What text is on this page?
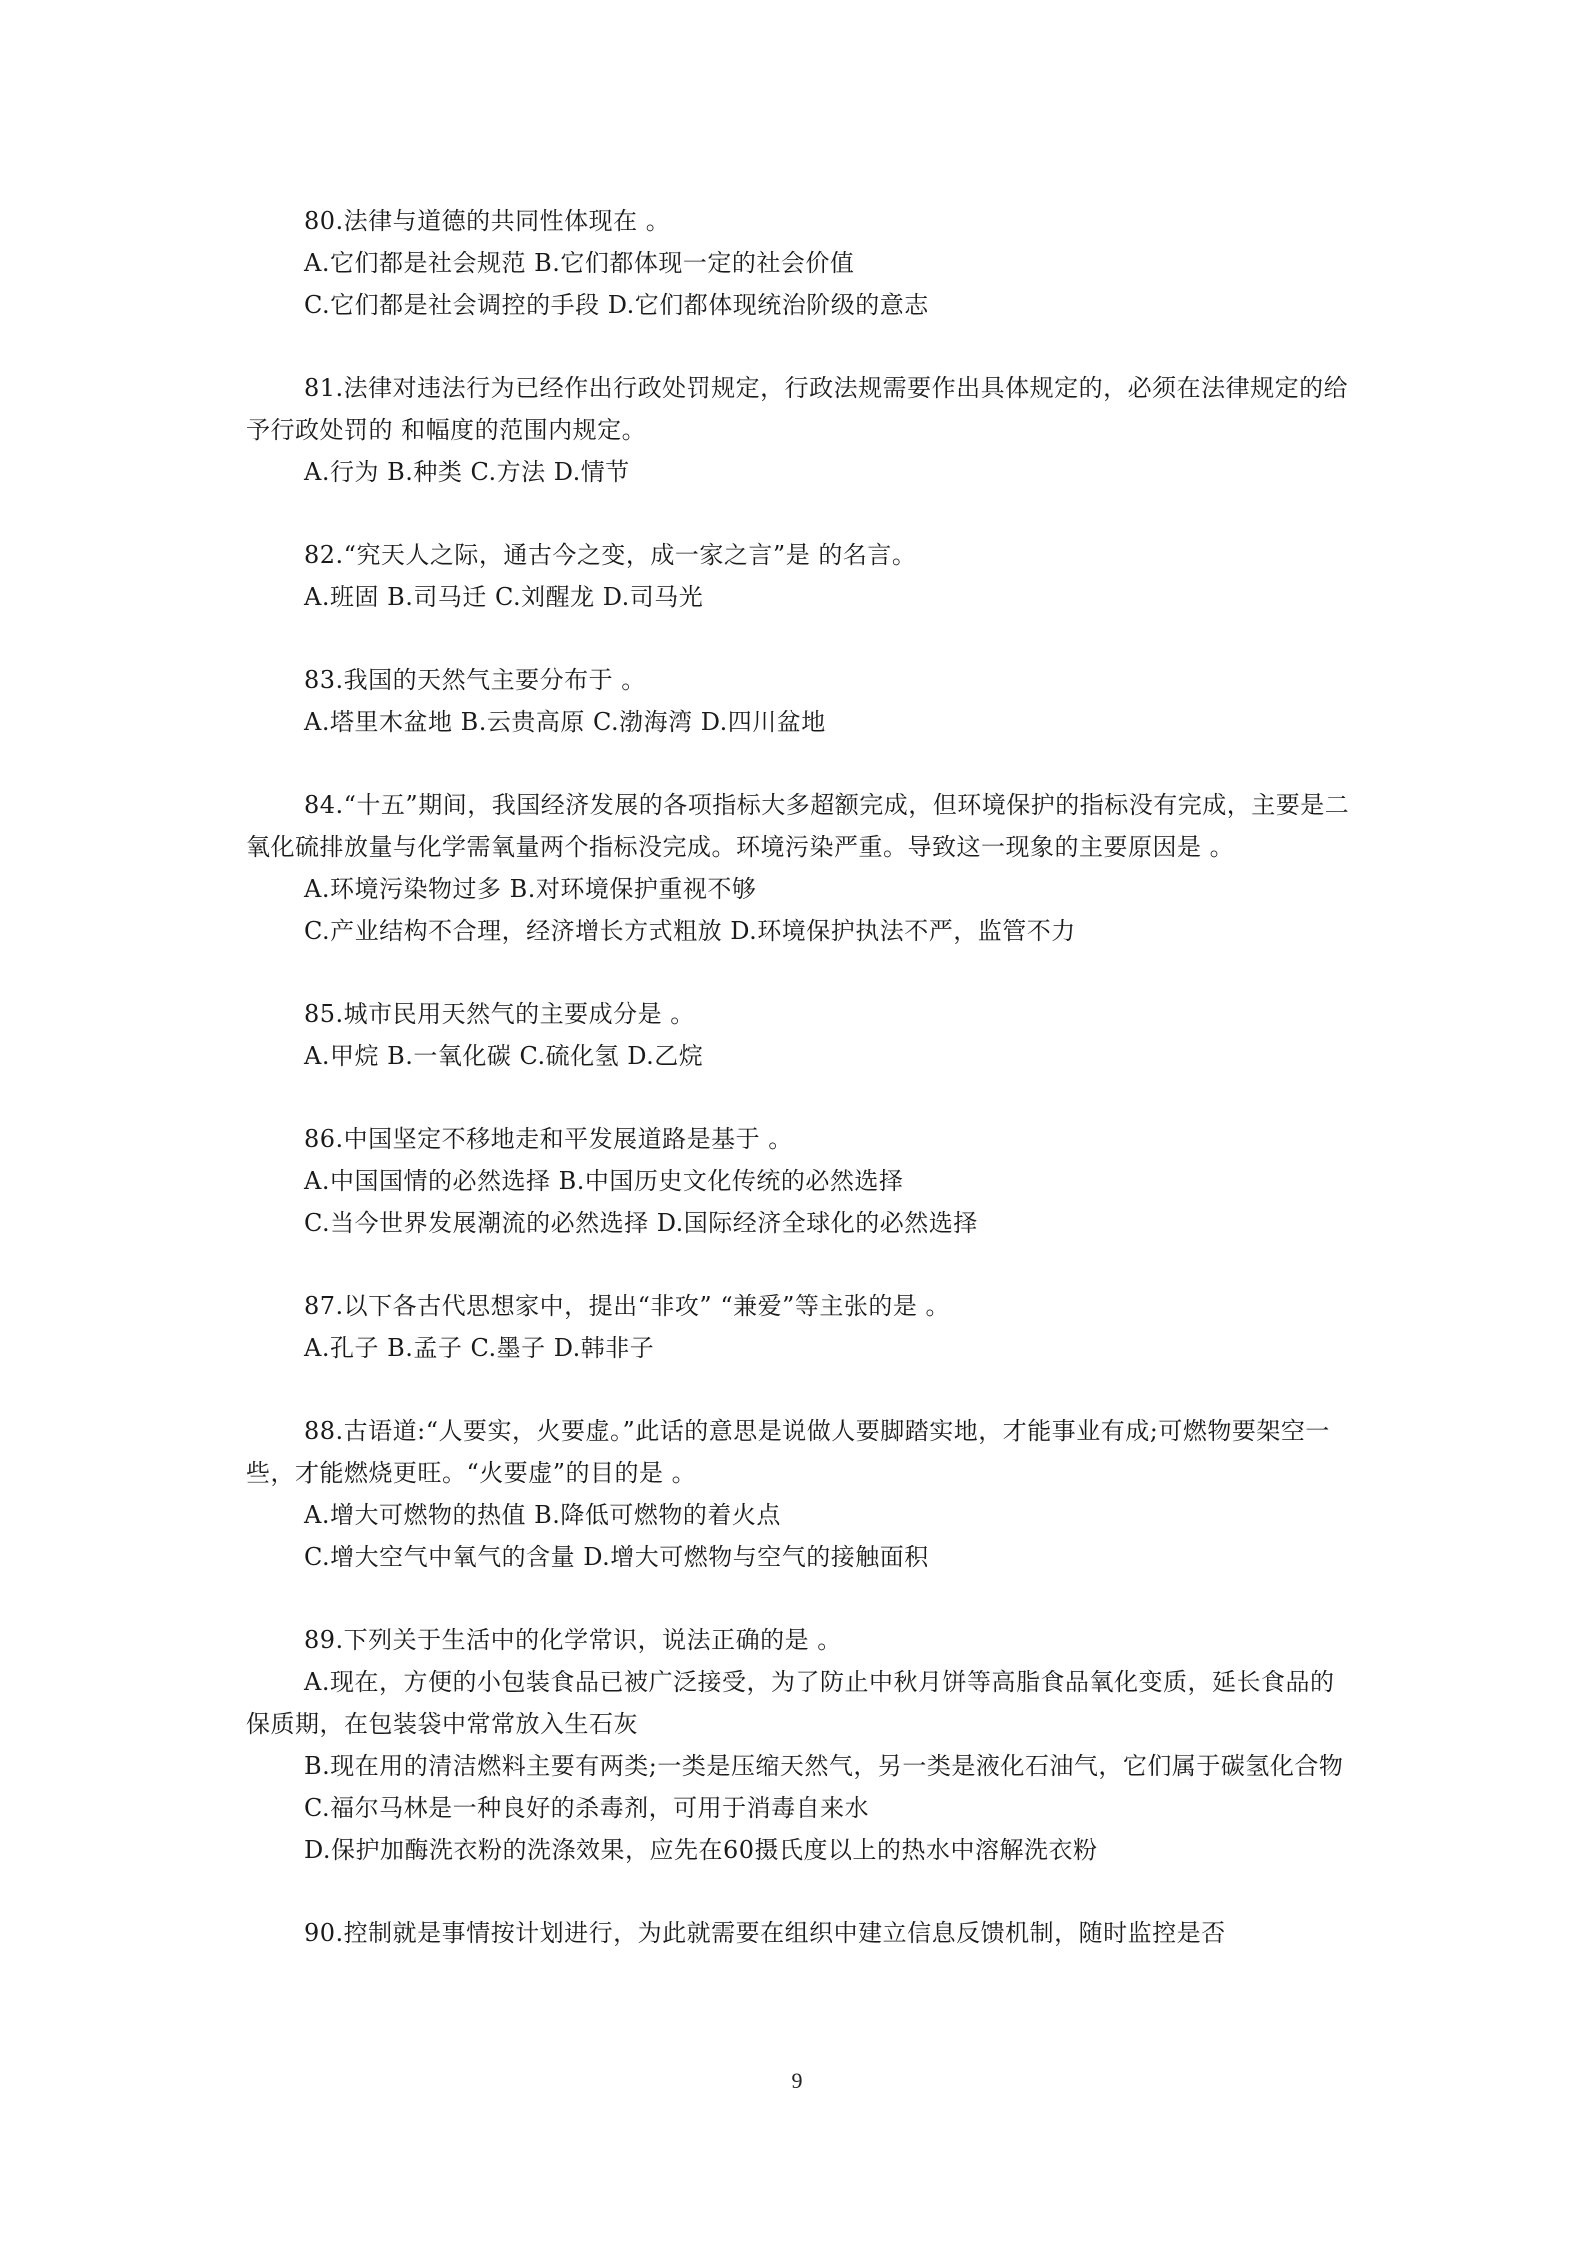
80.法律与道德的共同性体现在 。

A.它们都是社会规范 B.它们都体现一定的社会价值

C.它们都是社会调控的手段 D.它们都体现统治阶级的意志

81.法律对违法行为已经作出行政处罚规定，行政法规需要作出具体规定的，必须在法律规定的给予行政处罚的 和幅度的范围内规定。

A.行为 B.种类 C.方法 D.情节

82.“究天人之际，通古今之变，成一家之言”是 的名言。

A.班固 B.司马迁 C.刘醒龙 D.司马光

83.我国的天然气主要分布于 。

A.塔里木盆地 B.云贵高原 C.渤海湾 D.四川盆地

84.“十五”期间，我国经济发展的各项指标大多超额完成，但环境保护的指标没有完成，主要是二氧化硫排放量与化学需氧量两个指标没完成。环境污染严重。导致这一现象的主要原因是 。

A.环境污染物过多 B.对环境保护重视不够

C.产业结构不合理，经济增长方式粗放 D.环境保护执法不严，监管不力

85.城市民用天然气的主要成分是 。

A.甲烷 B.一氧化碳 C.硫化氢 D.乙烷

86.中国坚定不移地走和平发展道路是基于 。

A.中国国情的必然选择 B.中国历史文化传统的必然选择

C.当今世界发展潮流的必然选择 D.国际经济全球化的必然选择

87.以下各古代思想家中，提出“非攻” “兼爱”等主张的是 。

A.孔子 B.孟子 C.墨子 D.韩非子

88.古语道:“人要实，火要虚。”此话的意思是说做人要脚踏实地，才能事业有成;可燃物要架空一些，才能燃烧更旺。“火要虚”的目的是 。

A.增大可燃物的热值 B.降低可燃物的着火点

C.增大空气中氧气的含量 D.增大可燃物与空气的接触面积

89.下列关于生活中的化学常识，说法正确的是 。

A.现在，方便的小包装食品已被广泛接受，为了防止中秋月饼等高脂食品氧化变质，延长食品的保质期，在包装袋中常常放入生石灰

B.现在用的清洁燃料主要有两类;一类是压缩天然气，另一类是液化石油气，它们属于碳氢化合物

C.福尔马林是一种良好的杀毒剂，可用于消毒自来水

D.保护加酶洗衣粉的洗涤效果，应先在60摄氏度以上的热水中溶解洗衣粉

90.控制就是事情按计划进行，为此就需要在组织中建立信息反馈机制，随时监控是否

9
